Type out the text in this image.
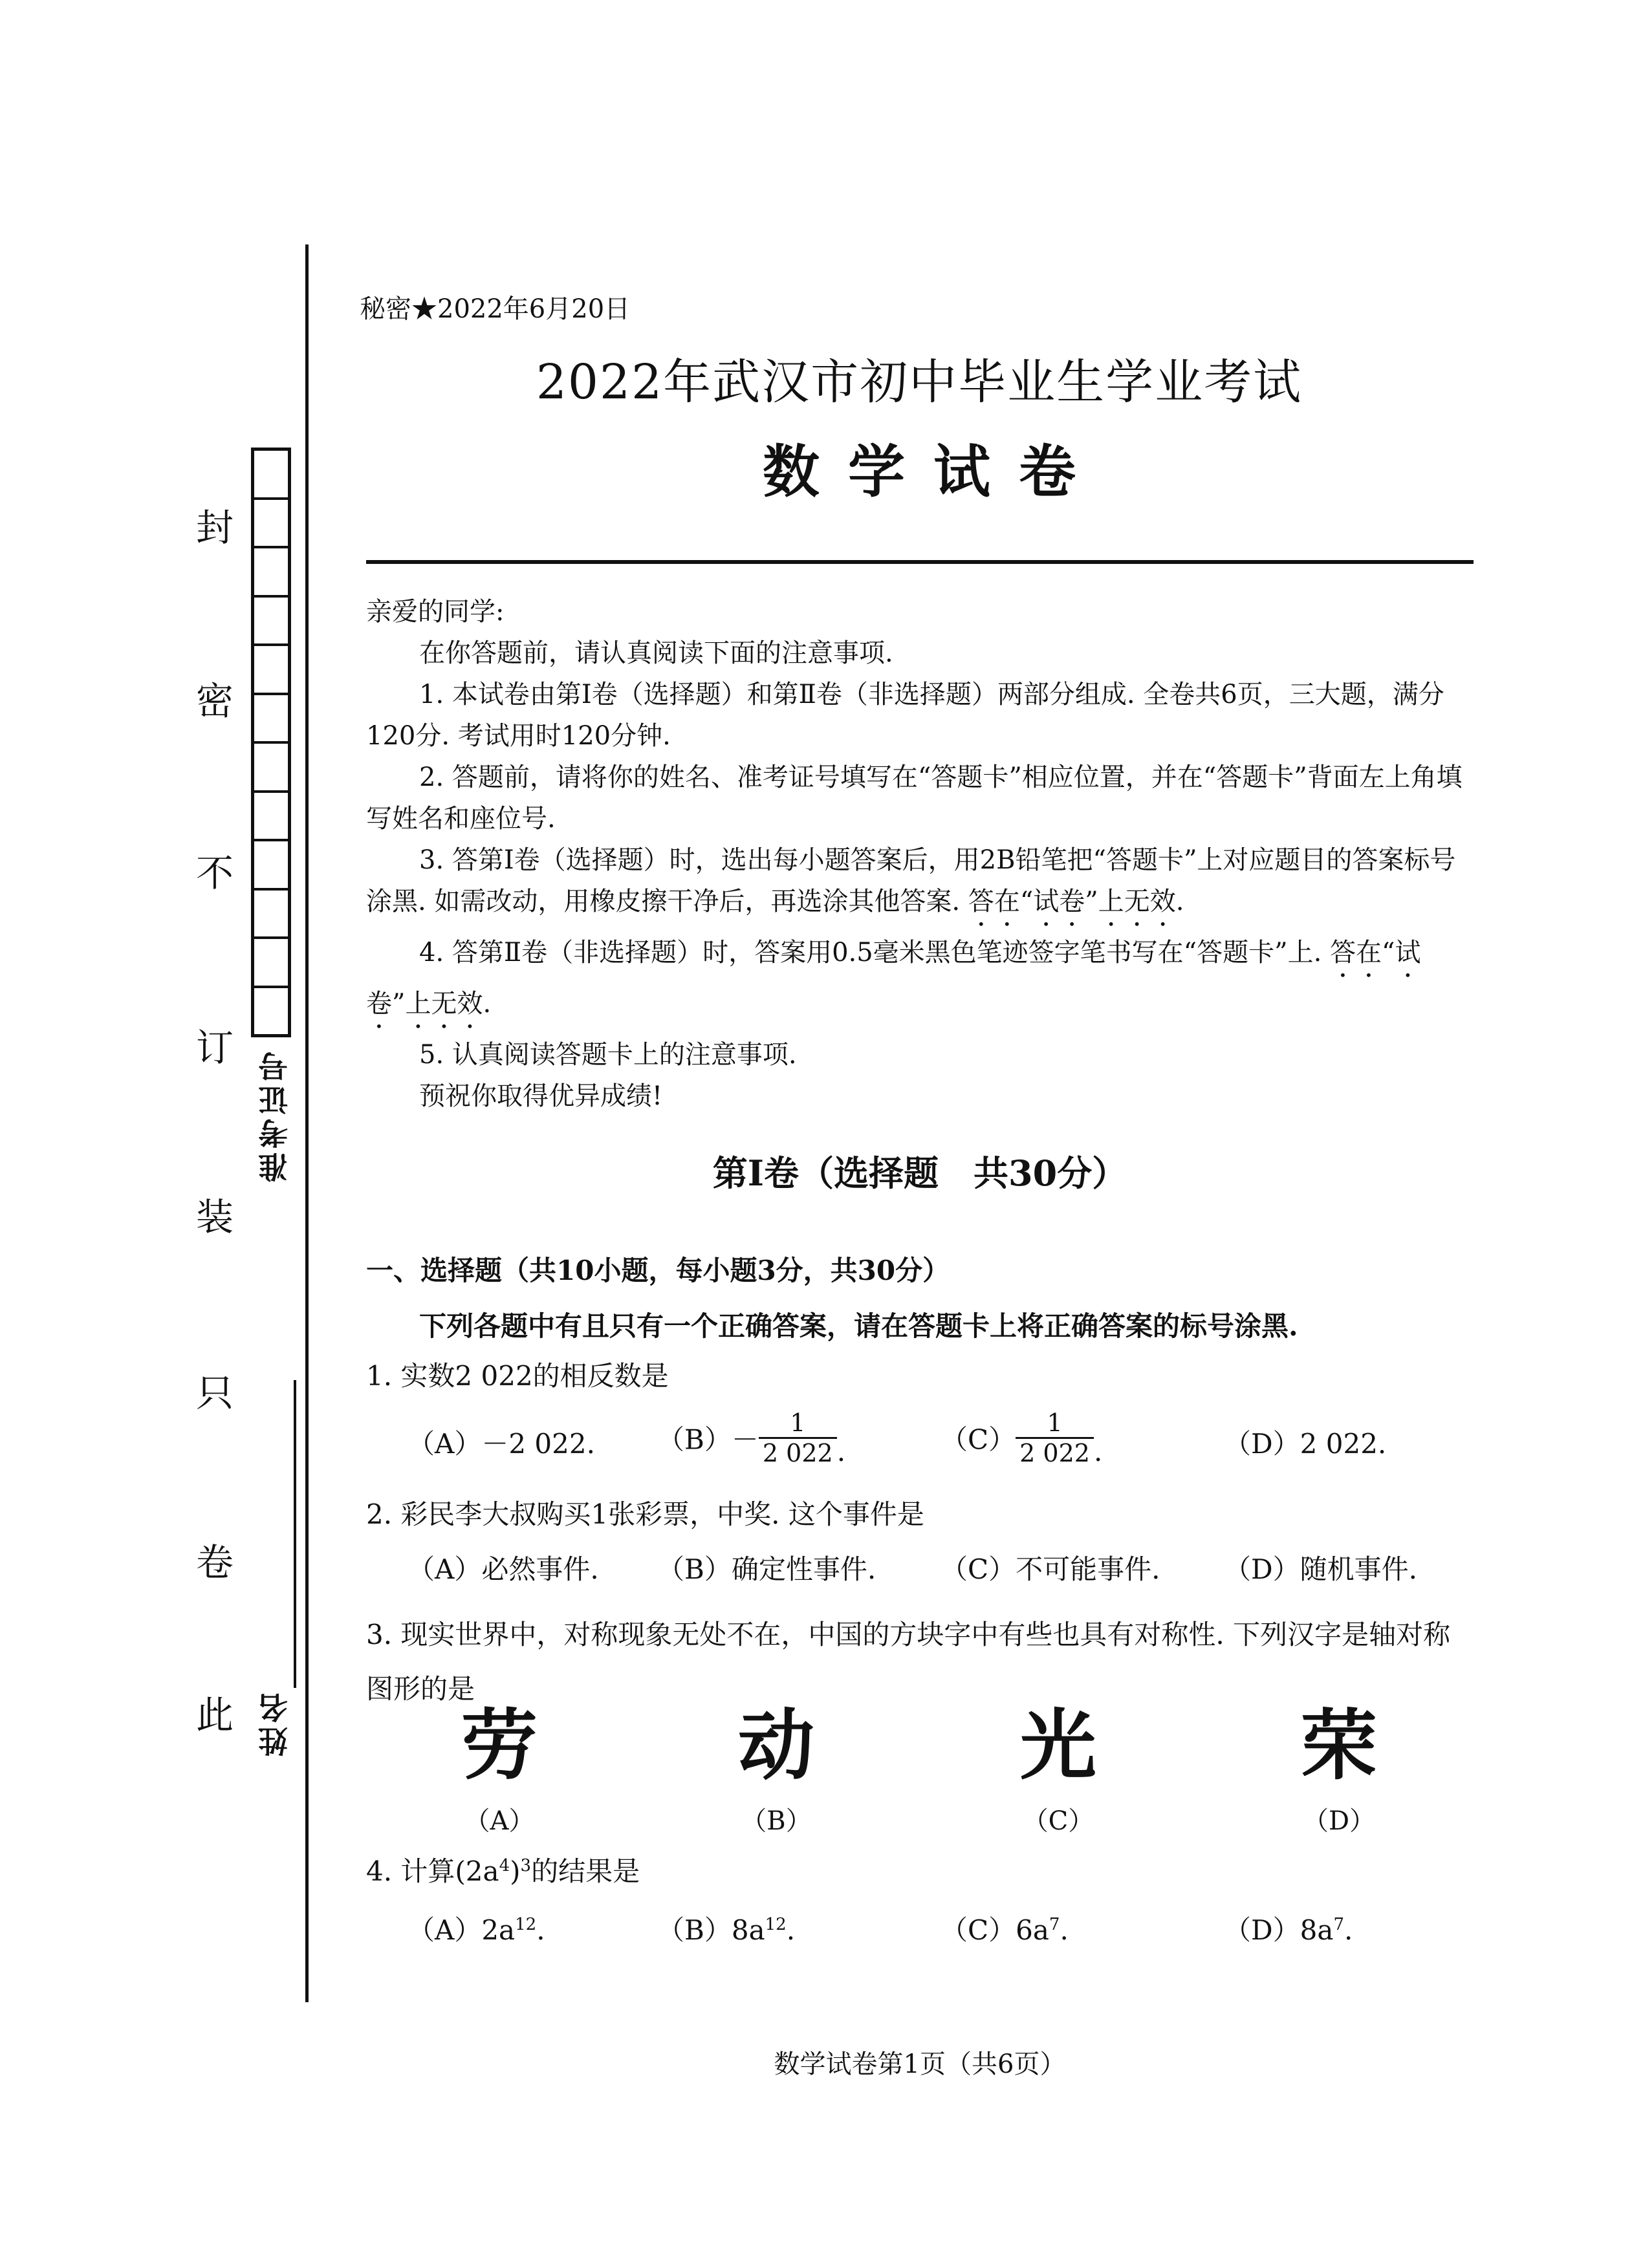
此
卷
只
装
订
不
密
封
准考证号
姓名
秘密★2022年6月20日
2022年武汉市初中毕业生学业考试
数学试卷

亲爱的同学:

在你答题前，请认真阅读下面的注意事项.

1. 本试卷由第Ⅰ卷（选择题）和第Ⅱ卷（非选择题）两部分组成. 全卷共6页，三大题，满分120分. 考试用时120分钟.

2. 答题前，请将你的姓名、准考证号填写在“答题卡”相应位置，并在“答题卡”背面左上角填写姓名和座位号.

3. 答第Ⅰ卷（选择题）时，选出每小题答案后，用2B铅笔把“答题卡”上对应题目的答案标号涂黑. 如需改动，用橡皮擦干净后，再选涂其他答案. 答在“试卷”上无效.

4. 答第Ⅱ卷（非选择题）时，答案用0.5毫米黑色笔迹签字笔书写在“答题卡”上. 答在“试卷”上无效.

5. 认真阅读答题卡上的注意事项.

预祝你取得优异成绩!

第Ⅰ卷（选择题　共30分）
一、选择题（共10小题，每小题3分，共30分）
下列各题中有且只有一个正确答案，请在答题卡上将正确答案的标号涂黑.
1. 实数2 022的相反数是
（A）－2 022. $(B)- \frac{1}{2 022}$ .	$(C) \frac{1}{2 022}$ .	（D）2 022.
2. 彩民李大叔购买1张彩票，中奖. 这个事件是
（A）必然事件. （B）确定性事件. （C）不可能事件. （D）随机事件.
3. 现实世界中，对称现象无处不在，中国的方块字中有些也具有对称性. 下列汉字是轴对称图形的是
劳	动	光	荣
（A）	（B）	（C）	（D）
4. 计算$(2a^4)^3$的结果是
$(A)2a^{12}$.	$(B)8a^{12}$.	$(C)6a^7$.	$(D)8a^7$.
数学试卷第1页（共6页）
